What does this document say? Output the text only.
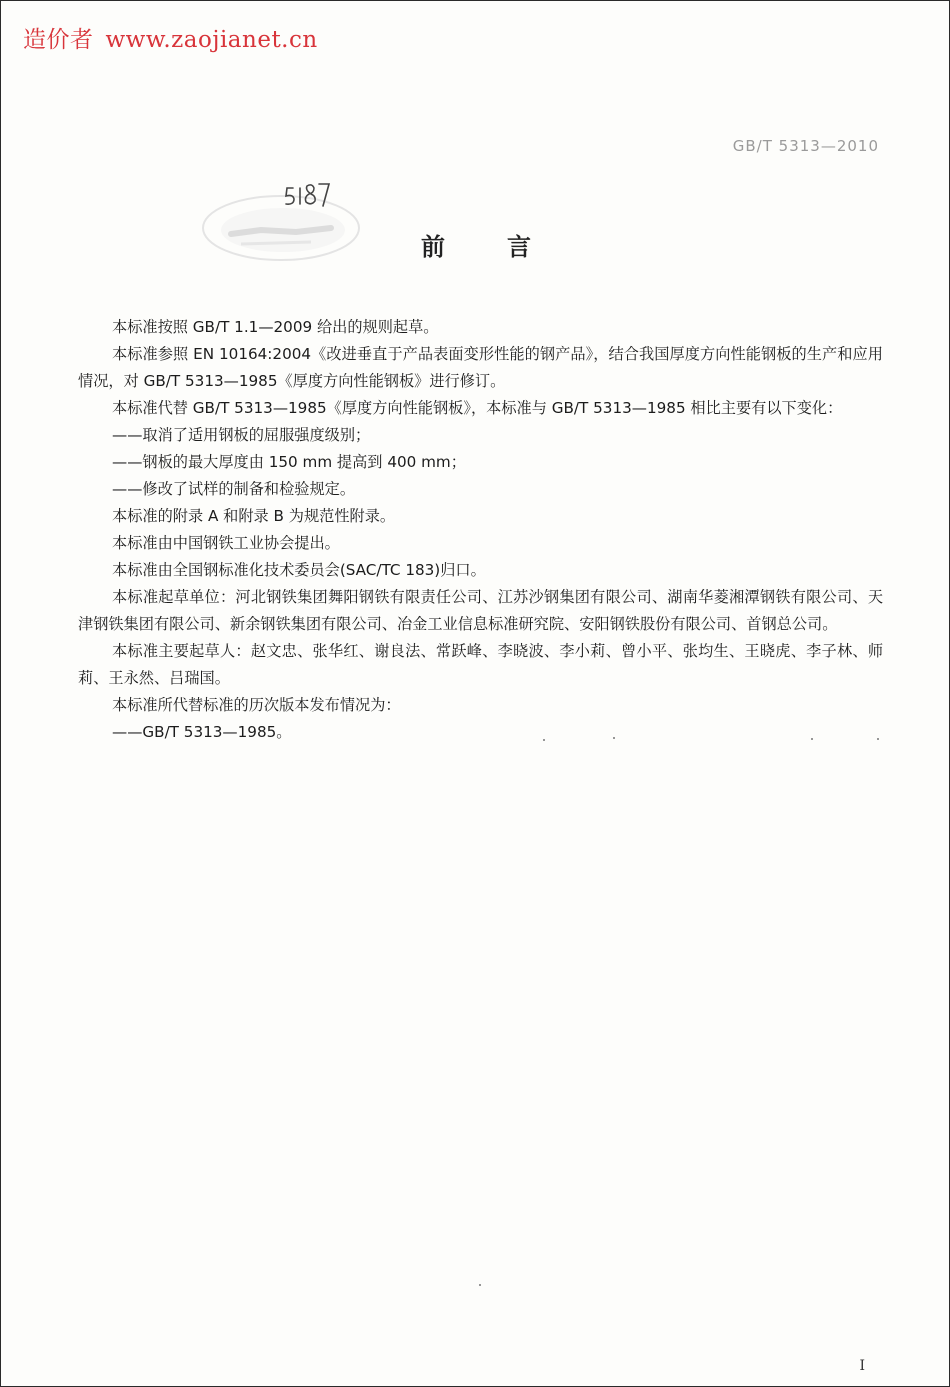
造价者 www.zaojianet.cn
GB/T 5313—2010
前言

本标准按照 GB/T 1.1—2009 给出的规则起草。

本标准参照 EN 10164:2004《改进垂直于产品表面变形性能的钢产品》，结合我国厚度方向性能钢板的生产和应用情况，对 GB/T 5313—1985《厚度方向性能钢板》进行修订。

本标准代替 GB/T 5313—1985《厚度方向性能钢板》，本标准与 GB/T 5313—1985 相比主要有以下变化：

——取消了适用钢板的屈服强度级别；

——钢板的最大厚度由 150 mm 提高到 400 mm；

——修改了试样的制备和检验规定。

本标准的附录 A 和附录 B 为规范性附录。

本标准由中国钢铁工业协会提出。

本标准由全国钢标准化技术委员会(SAC/TC 183)归口。

本标准起草单位：河北钢铁集团舞阳钢铁有限责任公司、江苏沙钢集团有限公司、湖南华菱湘潭钢铁有限公司、天津钢铁集团有限公司、新余钢铁集团有限公司、冶金工业信息标准研究院、安阳钢铁股份有限公司、首钢总公司。

本标准主要起草人：赵文忠、张华红、谢良法、常跃峰、李晓波、李小莉、曾小平、张均生、王晓虎、李子林、师莉、王永然、吕瑞国。

本标准所代替标准的历次版本发布情况为：

——GB/T 5313—1985。

I
